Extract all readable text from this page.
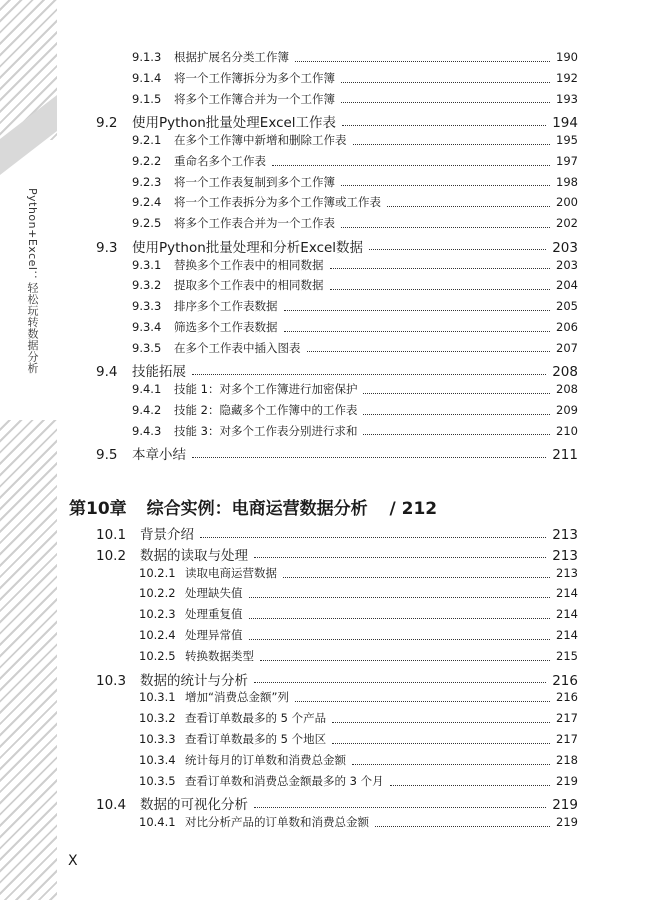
Python+Excel：轻松玩转数据分析
9.1.3	根据扩展名分类工作簿	190
9.1.4	将一个工作簿拆分为多个工作簿	192
9.1.5	将多个工作簿合并为一个工作簿	193
9.2	使用Python批量处理Excel工作表	194
9.2.1	在多个工作簿中新增和删除工作表	195
9.2.2	重命名多个工作表	197
9.2.3	将一个工作表复制到多个工作簿	198
9.2.4	将一个工作表拆分为多个工作簿或工作表	200
9.2.5	将多个工作表合并为一个工作表	202
9.3	使用Python批量处理和分析Excel数据	203
9.3.1	替换多个工作表中的相同数据	203
9.3.2	提取多个工作表中的相同数据	204
9.3.3	排序多个工作表数据	205
9.3.4	筛选多个工作表数据	206
9.3.5	在多个工作表中插入图表	207
9.4	技能拓展	208
9.4.1	技能 1：对多个工作簿进行加密保护	208
9.4.2	技能 2：隐藏多个工作簿中的工作表	209
9.4.3	技能 3：对多个工作表分别进行求和	210
9.5	本章小结	211
第10章 综合实例：电商运营数据分析 / 212
10.1	背景介绍	213
10.2	数据的读取与处理	213
10.2.1 读取电商运营数据	213
10.2.2 处理缺失值	214
10.2.3 处理重复值	214
10.2.4 处理异常值	214
10.2.5 转换数据类型	215
10.3	数据的统计与分析	216
10.3.1 增加“消费总金额”列	216
10.3.2 查看订单数最多的 5 个产品	217
10.3.3 查看订单数最多的 5 个地区	217
10.3.4 统计每月的订单数和消费总金额	218
10.3.5 查看订单数和消费总金额最多的 3 个月	219
10.4	数据的可视化分析	219
10.4.1 对比分析产品的订单数和消费总金额	219
X
